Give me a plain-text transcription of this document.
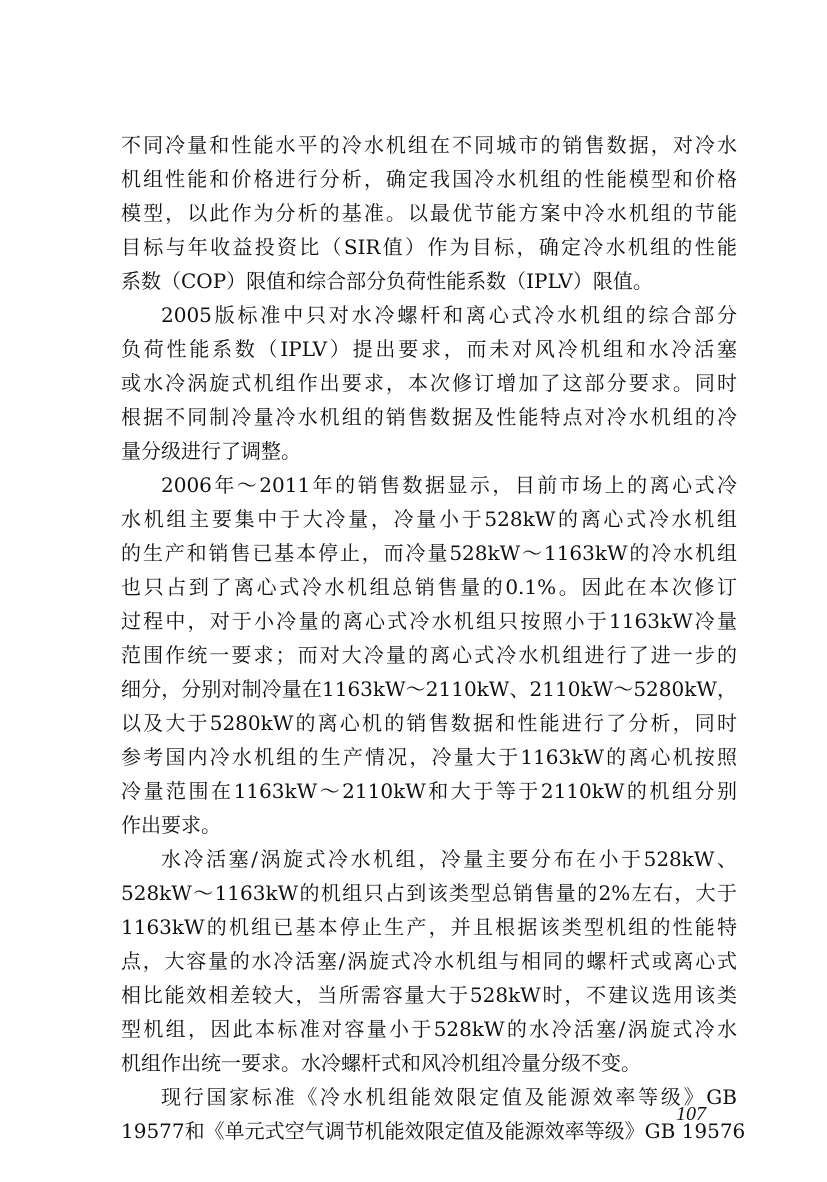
不同冷量和性能水平的冷水机组在不同城市的销售数据，对冷水
机组性能和价格进行分析，确定我国冷水机组的性能模型和价格
模型，以此作为分析的基准。以最优节能方案中冷水机组的节能
目标与年收益投资比（SIR值）作为目标，确定冷水机组的性能
系数（COP）限值和综合部分负荷性能系数（IPLV）限值。
2005版标准中只对水冷螺杆和离心式冷水机组的综合部分
负荷性能系数（IPLV）提出要求，而未对风冷机组和水冷活塞
或水冷涡旋式机组作出要求，本次修订增加了这部分要求。同时
根据不同制冷量冷水机组的销售数据及性能特点对冷水机组的冷
量分级进行了调整。
2006年～2011年的销售数据显示，目前市场上的离心式冷
水机组主要集中于大冷量，冷量小于528kW的离心式冷水机组
的生产和销售已基本停止，而冷量528kW～1163kW的冷水机组
也只占到了离心式冷水机组总销售量的0.1%。因此在本次修订
过程中，对于小冷量的离心式冷水机组只按照小于1163kW冷量
范围作统一要求；而对大冷量的离心式冷水机组进行了进一步的
细分，分别对制冷量在1163kW～2110kW、2110kW～5280kW，
以及大于5280kW的离心机的销售数据和性能进行了分析，同时
参考国内冷水机组的生产情况，冷量大于1163kW的离心机按照
冷量范围在1163kW～2110kW和大于等于2110kW的机组分别
作出要求。
水冷活塞/涡旋式冷水机组，冷量主要分布在小于528kW、
528kW～1163kW的机组只占到该类型总销售量的2%左右，大于
1163kW的机组已基本停止生产，并且根据该类型机组的性能特
点，大容量的水冷活塞/涡旋式冷水机组与相同的螺杆式或离心式
相比能效相差较大，当所需容量大于528kW时，不建议选用该类
型机组，因此本标准对容量小于528kW的水冷活塞/涡旋式冷水
机组作出统一要求。水冷螺杆式和风冷机组冷量分级不变。
现行国家标准《冷水机组能效限定值及能源效率等级》GB
19577和《单元式空气调节机能效限定值及能源效率等级》GB 19576
107
